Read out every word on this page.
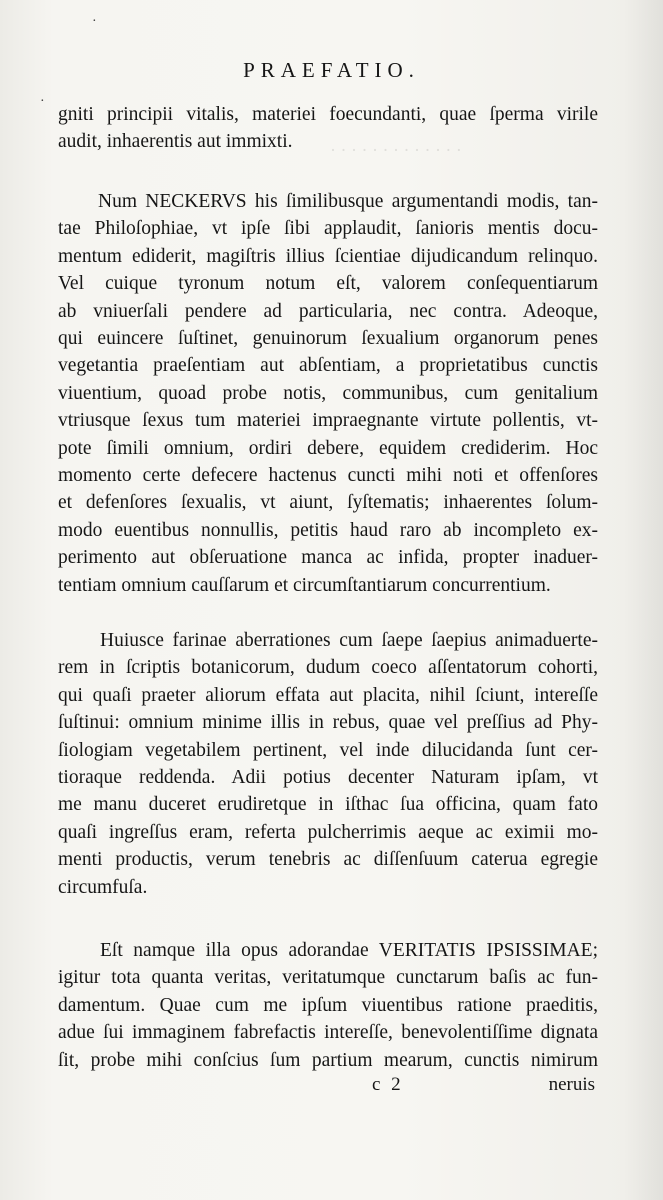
·
·
· · · · · · · · · · · · ·
PRAEFATIO.
gniti principii vitalis, materiei foecundanti, quae ſperma virile
audit, inhaerentis aut immixti.
Num NECKERVS his ſimilibusque argumentandi modis, tan-
tae Philoſophiae, vt ipſe ſibi applaudit, ſanioris mentis docu-
mentum ediderit, magiſtris illius ſcientiae dijudicandum relinquo.
Vel cuique tyronum notum eſt, valorem conſequentiarum
ab vniuerſali pendere ad particularia, nec contra. Adeoque,
qui euincere ſuſtinet, genuinorum ſexualium organorum penes
vegetantia praeſentiam aut abſentiam, a proprietatibus cunctis
viuentium, quoad probe notis, communibus, cum genitalium
vtriusque ſexus tum materiei impraegnante virtute pollentis, vt-
pote ſimili omnium, ordiri debere, equidem crediderim. Hoc
momento certe defecere hactenus cuncti mihi noti et offenſores
et defenſores ſexualis, vt aiunt, ſyſtematis; inhaerentes ſolum-
modo euentibus nonnullis, petitis haud raro ab incompleto ex-
perimento aut obſeruatione manca ac infida, propter inaduer-
tentiam omnium cauſſarum et circumſtantiarum concurrentium.
Huiusce farinae aberrationes cum ſaepe ſaepius animaduerte-
rem in ſcriptis botanicorum, dudum coeco aſſentatorum cohorti,
qui quaſi praeter aliorum effata aut placita, nihil ſciunt, intereſſe
ſuſtinui: omnium minime illis in rebus, quae vel preſſius ad Phy-
ſiologiam vegetabilem pertinent, vel inde dilucidanda ſunt cer-
tioraque reddenda. Adii potius decenter Naturam ipſam, vt
me manu duceret erudiretque in iſthac ſua officina, quam fato
quaſi ingreſſus eram, referta pulcherrimis aeque ac eximii mo-
menti productis, verum tenebris ac diſſenſuum caterua egregie
circumfuſa.
Eſt namque illa opus adorandae VERITATIS IPSISSIMAE;
igitur tota quanta veritas, veritatumque cunctarum baſis ac fun-
damentum. Quae cum me ipſum viuentibus ratione praeditis,
adue ſui immaginem fabrefactis intereſſe, benevolentiſſime dignata
ſit, probe mihi conſcius ſum partium mearum, cunctis nimirum
c 2	neruis
